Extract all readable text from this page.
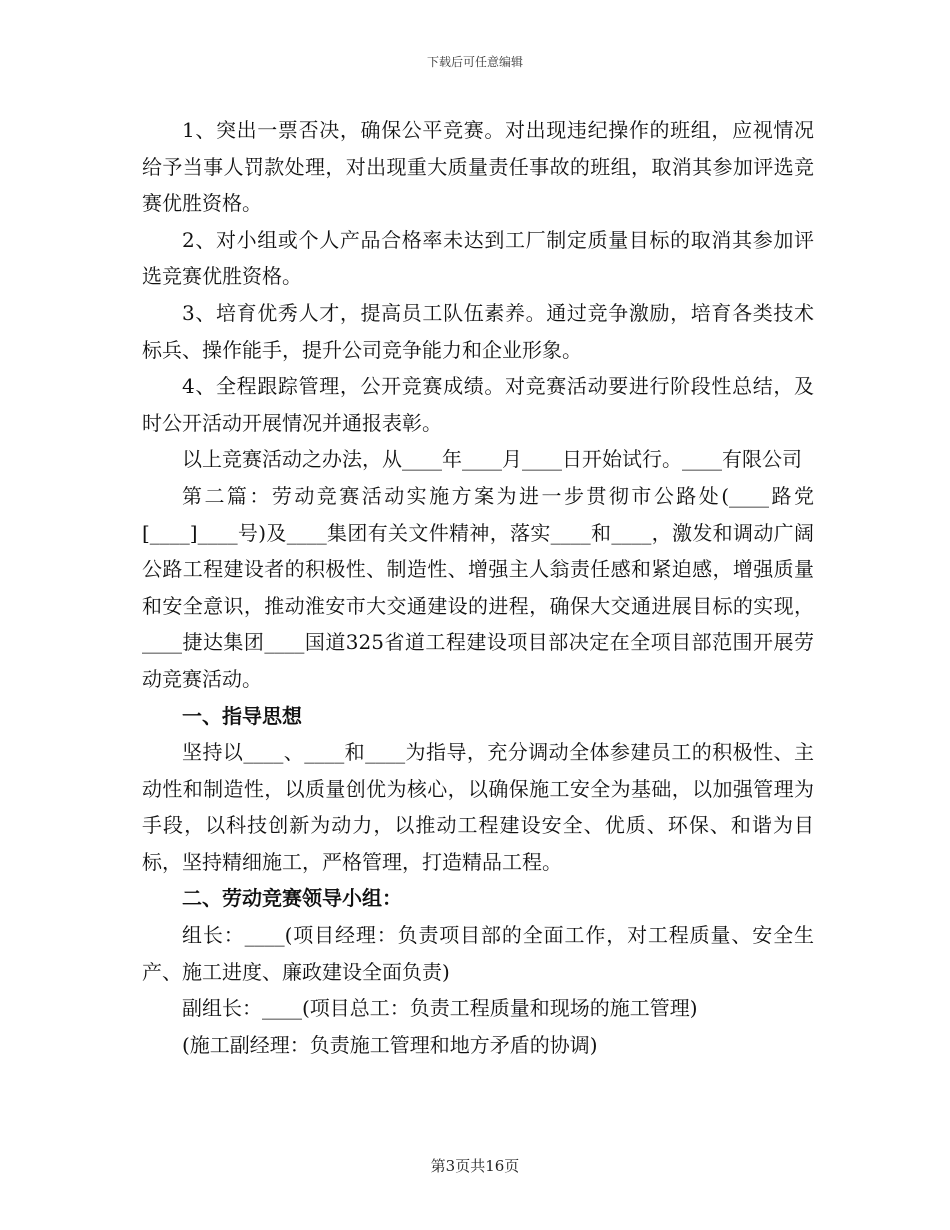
下载后可任意编辑

1、突出一票否决，确保公平竞赛。对出现违纪操作的班组，应视情况给予当事人罚款处理，对出现重大质量责任事故的班组，取消其参加评选竞赛优胜资格。

2、对小组或个人产品合格率未达到工厂制定质量目标的取消其参加评选竞赛优胜资格。

3、培育优秀人才，提高员工队伍素养。通过竞争激励，培育各类技术标兵、操作能手，提升公司竞争能力和企业形象。

4、全程跟踪管理，公开竞赛成绩。对竞赛活动要进行阶段性总结，及时公开活动开展情况并通报表彰。

以上竞赛活动之办法，从____年____月____日开始试行。____有限公司

第二篇：劳动竞赛活动实施方案为进一步贯彻市公路处(____路党[____]____号)及____集团有关文件精神，落实____和____，激发和调动广阔公路工程建设者的积极性、制造性、增强主人翁责任感和紧迫感，增强质量和安全意识，推动淮安市大交通建设的进程，确保大交通进展目标的实现，____捷达集团____国道325省道工程建设项目部决定在全项目部范围开展劳动竞赛活动。

一、指导思想

坚持以____、____和____为指导，充分调动全体参建员工的积极性、主动性和制造性，以质量创优为核心，以确保施工安全为基础，以加强管理为手段，以科技创新为动力，以推动工程建设安全、优质、环保、和谐为目标，坚持精细施工，严格管理，打造精品工程。

二、劳动竞赛领导小组：

组长：____(项目经理：负责项目部的全面工作，对工程质量、安全生产、施工进度、廉政建设全面负责)

副组长：____(项目总工：负责工程质量和现场的施工管理)

(施工副经理：负责施工管理和地方矛盾的协调)

第3页共16页
